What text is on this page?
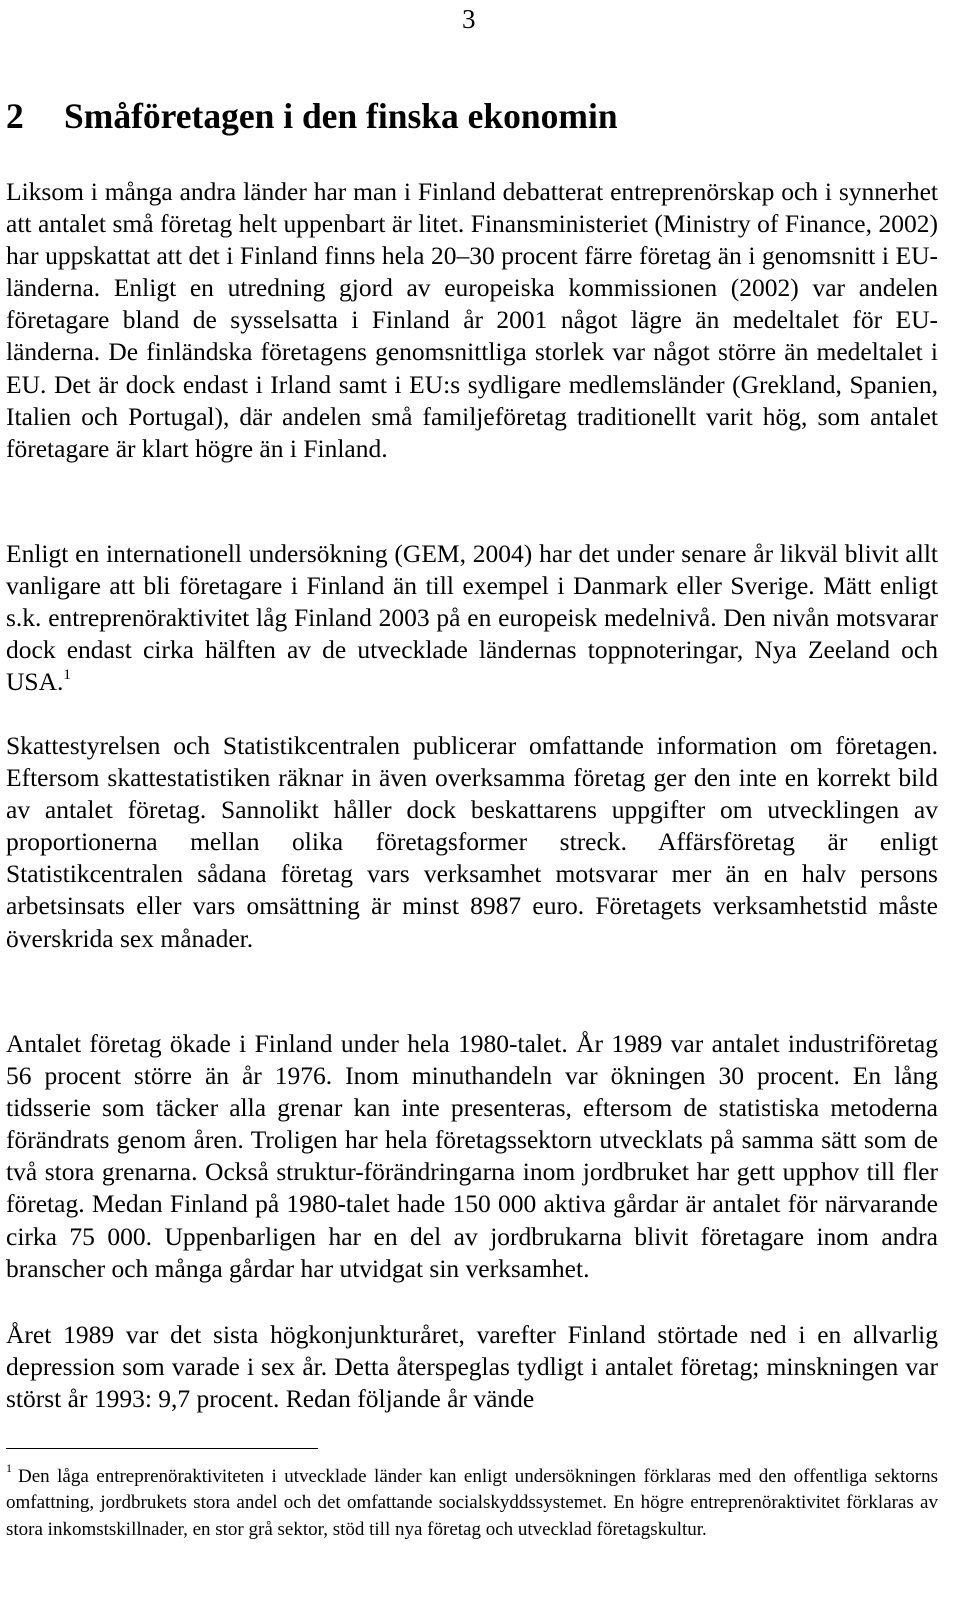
3
2 Småföretagen i den finska ekonomin

Liksom i många andra länder har man i Finland debatterat entreprenörskap och i synnerhet att antalet små företag helt uppenbart är litet. Finansministeriet (Ministry of Finance, 2002) har uppskattat att det i Finland finns hela 20–30 procent färre företag än i genomsnitt i EU-länderna. Enligt en utredning gjord av europeiska kommissionen (2002) var andelen företagare bland de sysselsatta i Finland år 2001 något lägre än medeltalet för EU-länderna. De finländska företagens genomsnittliga storlek var något större än medeltalet i EU. Det är dock endast i Irland samt i EU:s sydligare medlemsländer (Grekland, Spanien, Italien och Portugal), där andelen små familjeföretag traditionellt varit hög, som antalet företagare är klart högre än i Finland.

Enligt en internationell undersökning (GEM, 2004) har det under senare år likväl blivit allt vanligare att bli företagare i Finland än till exempel i Danmark eller Sverige. Mätt enligt s.k. entreprenöraktivitet låg Finland 2003 på en europeisk medelnivå. Den nivån motsvarar dock endast cirka hälften av de utvecklade ländernas toppnoteringar, Nya Zeeland och USA.$^1$

Skattestyrelsen och Statistikcentralen publicerar omfattande information om företagen. Eftersom skattestatistiken räknar in även overksamma företag ger den inte en korrekt bild av antalet företag. Sannolikt håller dock beskattarens uppgifter om utvecklingen av proportionerna mellan olika företagsformer streck. Affärsföretag är enligt Statistikcentralen sådana företag vars verksamhet motsvarar mer än en halv persons arbetsinsats eller vars omsättning är minst 8987 euro. Företagets verksamhetstid måste överskrida sex månader.

Antalet företag ökade i Finland under hela 1980-talet. År 1989 var antalet industriföretag 56 procent större än år 1976. Inom minuthandeln var ökningen 30 procent. En lång tidsserie som täcker alla grenar kan inte presenteras, eftersom de statistiska metoderna förändrats genom åren. Troligen har hela företagssektorn utvecklats på samma sätt som de två stora grenarna. Också struktur-förändringarna inom jordbruket har gett upphov till fler företag. Medan Finland på 1980-talet hade 150 000 aktiva gårdar är antalet för närvarande cirka 75 000. Uppenbarligen har en del av jordbrukarna blivit företagare inom andra branscher och många gårdar har utvidgat sin verksamhet.

Året 1989 var det sista högkonjunkturåret, varefter Finland störtade ned i en allvarlig depression som varade i sex år. Detta återspeglas tydligt i antalet företag; minskningen var störst år 1993: 9,7 procent. Redan följande år vände

$^1$ Den låga entreprenöraktiviteten i utvecklade länder kan enligt undersökningen förklaras med den offentliga sektorns omfattning, jordbrukets stora andel och det omfattande socialskyddssystemet. En högre entreprenöraktivitet förklaras av stora inkomstskillnader, en stor grå sektor, stöd till nya företag och utvecklad företagskultur.
